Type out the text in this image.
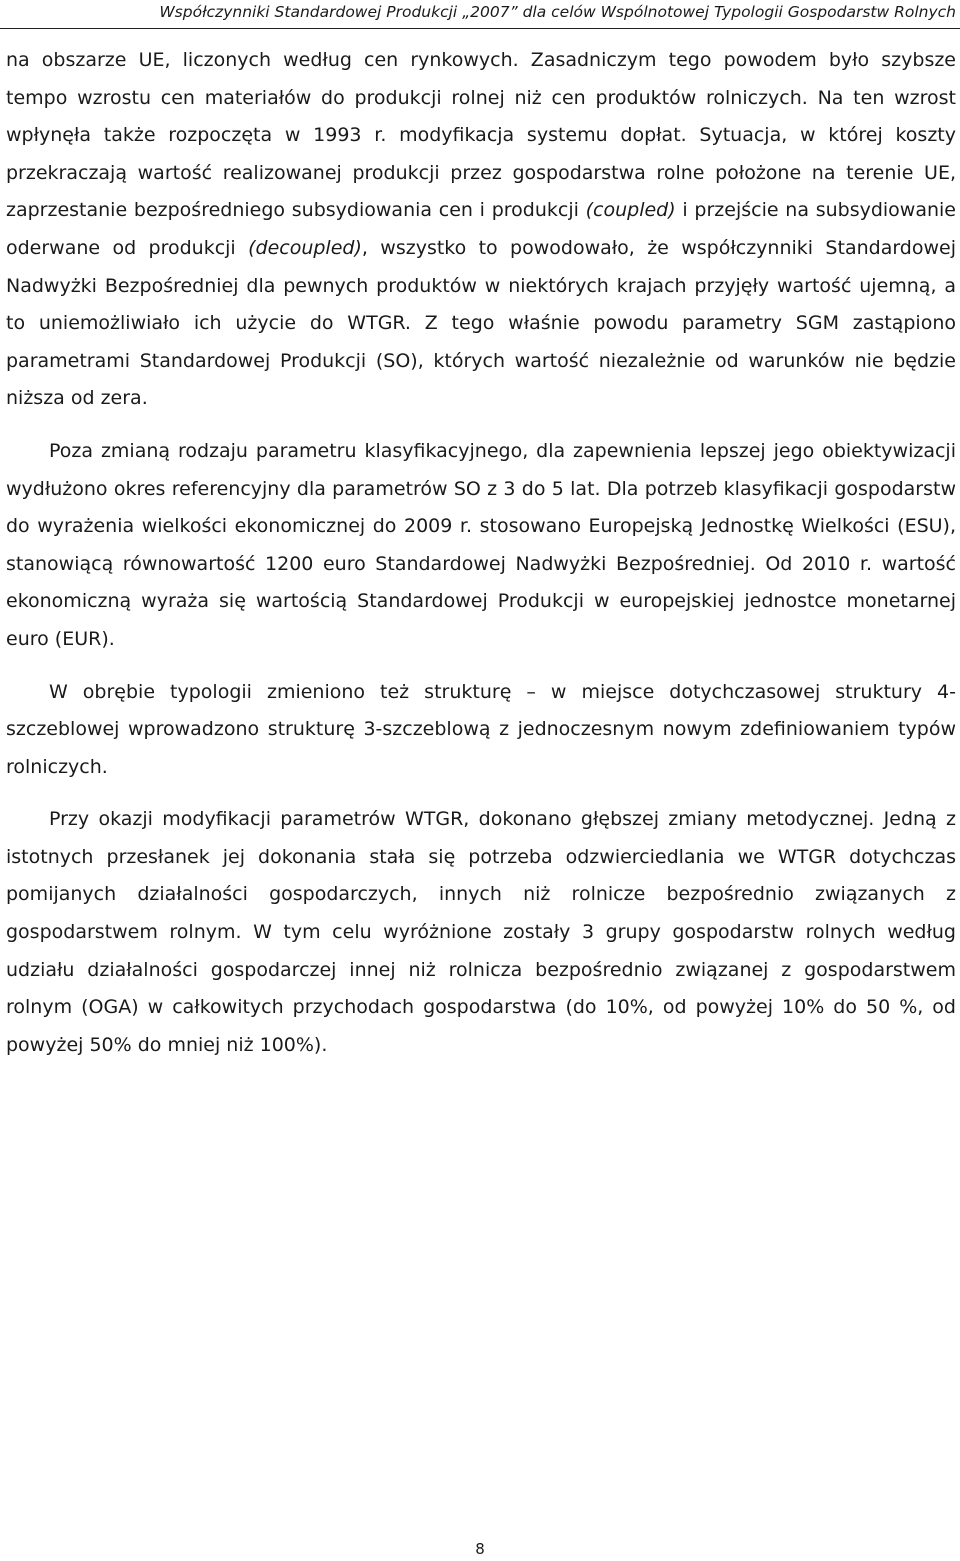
Współczynniki Standardowej Produkcji „2007” dla celów Wspólnotowej Typologii Gospodarstw Rolnych

na obszarze UE, liczonych według cen rynkowych. Zasadniczym tego powodem było szybsze tempo wzrostu cen materiałów do produkcji rolnej niż cen produktów rolniczych. Na ten wzrost wpłynęła także rozpoczęta w 1993 r. modyfikacja systemu dopłat. Sytuacja, w której koszty przekraczają wartość realizowanej produkcji przez gospodarstwa rolne położone na terenie UE, zaprzestanie bezpośredniego subsydiowania cen i produkcji (coupled) i przejście na subsydiowanie oderwane od produkcji (decoupled), wszystko to powodowało, że współczynniki Standardowej Nadwyżki Bezpośredniej dla pewnych produktów w niektórych krajach przyjęły wartość ujemną, a to uniemożliwiało ich użycie do WTGR. Z tego właśnie powodu parametry SGM zastąpiono parametrami Standardowej Produkcji (SO), których wartość niezależnie od warunków nie będzie niższa od zera.

Poza zmianą rodzaju parametru klasyfikacyjnego, dla zapewnienia lepszej jego obiektywizacji wydłużono okres referencyjny dla parametrów SO z 3 do 5 lat. Dla potrzeb klasyfikacji gospodarstw do wyrażenia wielkości ekonomicznej do 2009 r. stosowano Europejską Jednostkę Wielkości (ESU), stanowiącą równowartość 1200 euro Standardowej Nadwyżki Bezpośredniej. Od 2010 r. wartość ekonomiczną wyraża się wartością Standardowej Produkcji w europejskiej jednostce monetarnej euro (EUR).

W obrębie typologii zmieniono też strukturę – w miejsce dotychczasowej struktury 4-szczeblowej wprowadzono strukturę 3-szczeblową z jednoczesnym nowym zdefiniowaniem typów rolniczych.

Przy okazji modyfikacji parametrów WTGR, dokonano głębszej zmiany metodycznej. Jedną z istotnych przesłanek jej dokonania stała się potrzeba odzwierciedlania we WTGR dotychczas pomijanych działalności gospodarczych, innych niż rolnicze bezpośrednio związanych z gospodarstwem rolnym. W tym celu wyróżnione zostały 3 grupy gospodarstw rolnych według udziału działalności gospodarczej innej niż rolnicza bezpośrednio związanej z gospodarstwem rolnym (OGA) w całkowitych przychodach gospodarstwa (do 10%, od powyżej 10% do 50 %, od powyżej 50% do mniej niż 100%).

8
